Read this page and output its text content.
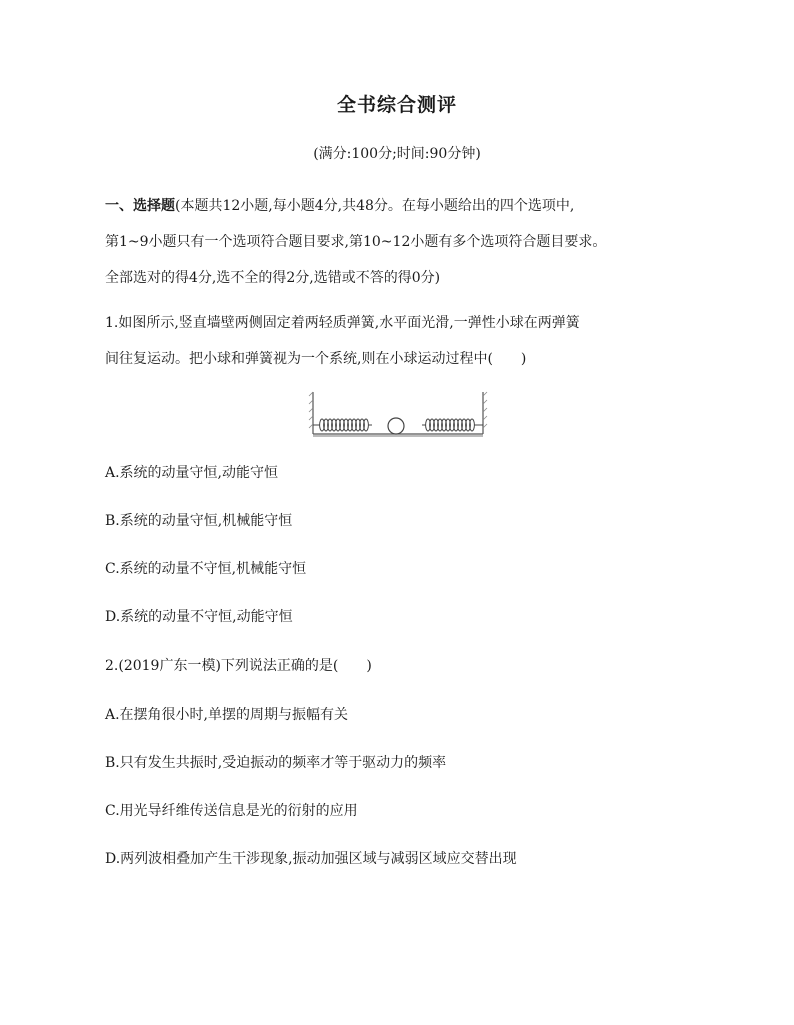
全书综合测评
(满分:100分;时间:90分钟)
一、选择题(本题共12小题,每小题4分,共48分。在每小题给出的四个选项中,
第1~9小题只有一个选项符合题目要求,第10~12小题有多个选项符合题目要求。
全部选对的得4分,选不全的得2分,选错或不答的得0分)
1.如图所示,竖直墙壁两侧固定着两轻质弹簧,水平面光滑,一弹性小球在两弹簧
间往复运动。把小球和弹簧视为一个系统,则在小球运动过程中( )
A.系统的动量守恒,动能守恒
B.系统的动量守恒,机械能守恒
C.系统的动量不守恒,机械能守恒
D.系统的动量不守恒,动能守恒
2.(2019广东一模)下列说法正确的是( )
A.在摆角很小时,单摆的周期与振幅有关
B.只有发生共振时,受迫振动的频率才等于驱动力的频率
C.用光导纤维传送信息是光的衍射的应用
D.两列波相叠加产生干涉现象,振动加强区域与减弱区域应交替出现
